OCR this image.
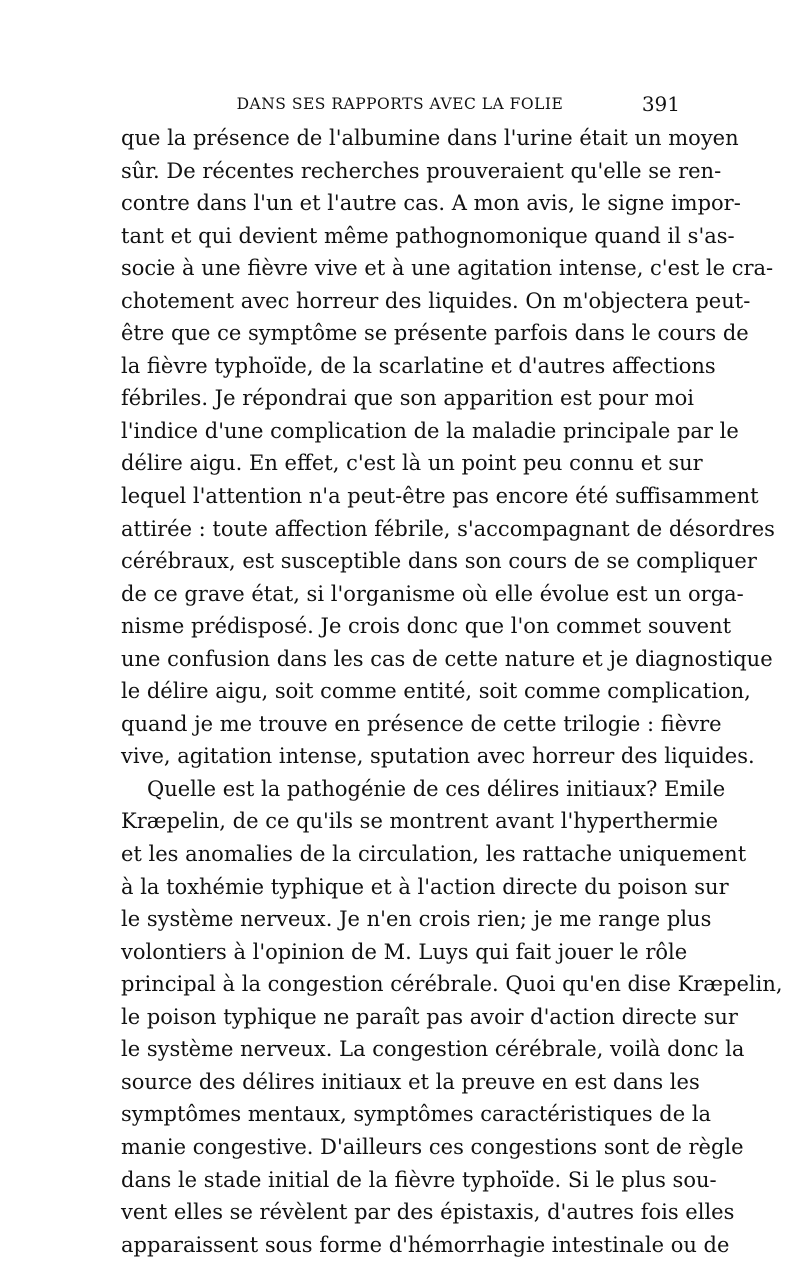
DANS SES RAPPORTS AVEC LA FOLIE	391
que la présence de l'albumine dans l'urine était un moyen
sûr. De récentes recherches prouveraient qu'elle se ren-
contre dans l'un et l'autre cas. A mon avis, le signe impor-
tant et qui devient même pathognomonique quand il s'as-
socie à une fièvre vive et à une agitation intense, c'est le cra-
chotement avec horreur des liquides. On m'objectera peut-
être que ce symptôme se présente parfois dans le cours de
la fièvre typhoïde, de la scarlatine et d'autres affections
fébriles. Je répondrai que son apparition est pour moi
l'indice d'une complication de la maladie principale par le
délire aigu. En effet, c'est là un point peu connu et sur
lequel l'attention n'a peut-être pas encore été suffisamment
attirée : toute affection fébrile, s'accompagnant de désordres
cérébraux, est susceptible dans son cours de se compliquer
de ce grave état, si l'organisme où elle évolue est un orga-
nisme prédisposé. Je crois donc que l'on commet souvent
une confusion dans les cas de cette nature et je diagnostique
le délire aigu, soit comme entité, soit comme complication,
quand je me trouve en présence de cette trilogie : fièvre
vive, agitation intense, sputation avec horreur des liquides.
Quelle est la pathogénie de ces délires initiaux? Emile
Kræpelin, de ce qu'ils se montrent avant l'hyperthermie
et les anomalies de la circulation, les rattache uniquement
à la toxhémie typhique et à l'action directe du poison sur
le système nerveux. Je n'en crois rien; je me range plus
volontiers à l'opinion de M. Luys qui fait jouer le rôle
principal à la congestion cérébrale. Quoi qu'en dise Kræpelin,
le poison typhique ne paraît pas avoir d'action directe sur
le système nerveux. La congestion cérébrale, voilà donc la
source des délires initiaux et la preuve en est dans les
symptômes mentaux, symptômes caractéristiques de la
manie congestive. D'ailleurs ces congestions sont de règle
dans le stade initial de la fièvre typhoïde. Si le plus sou-
vent elles se révèlent par des épistaxis, d'autres fois elles
apparaissent sous forme d'hémorrhagie intestinale ou de
